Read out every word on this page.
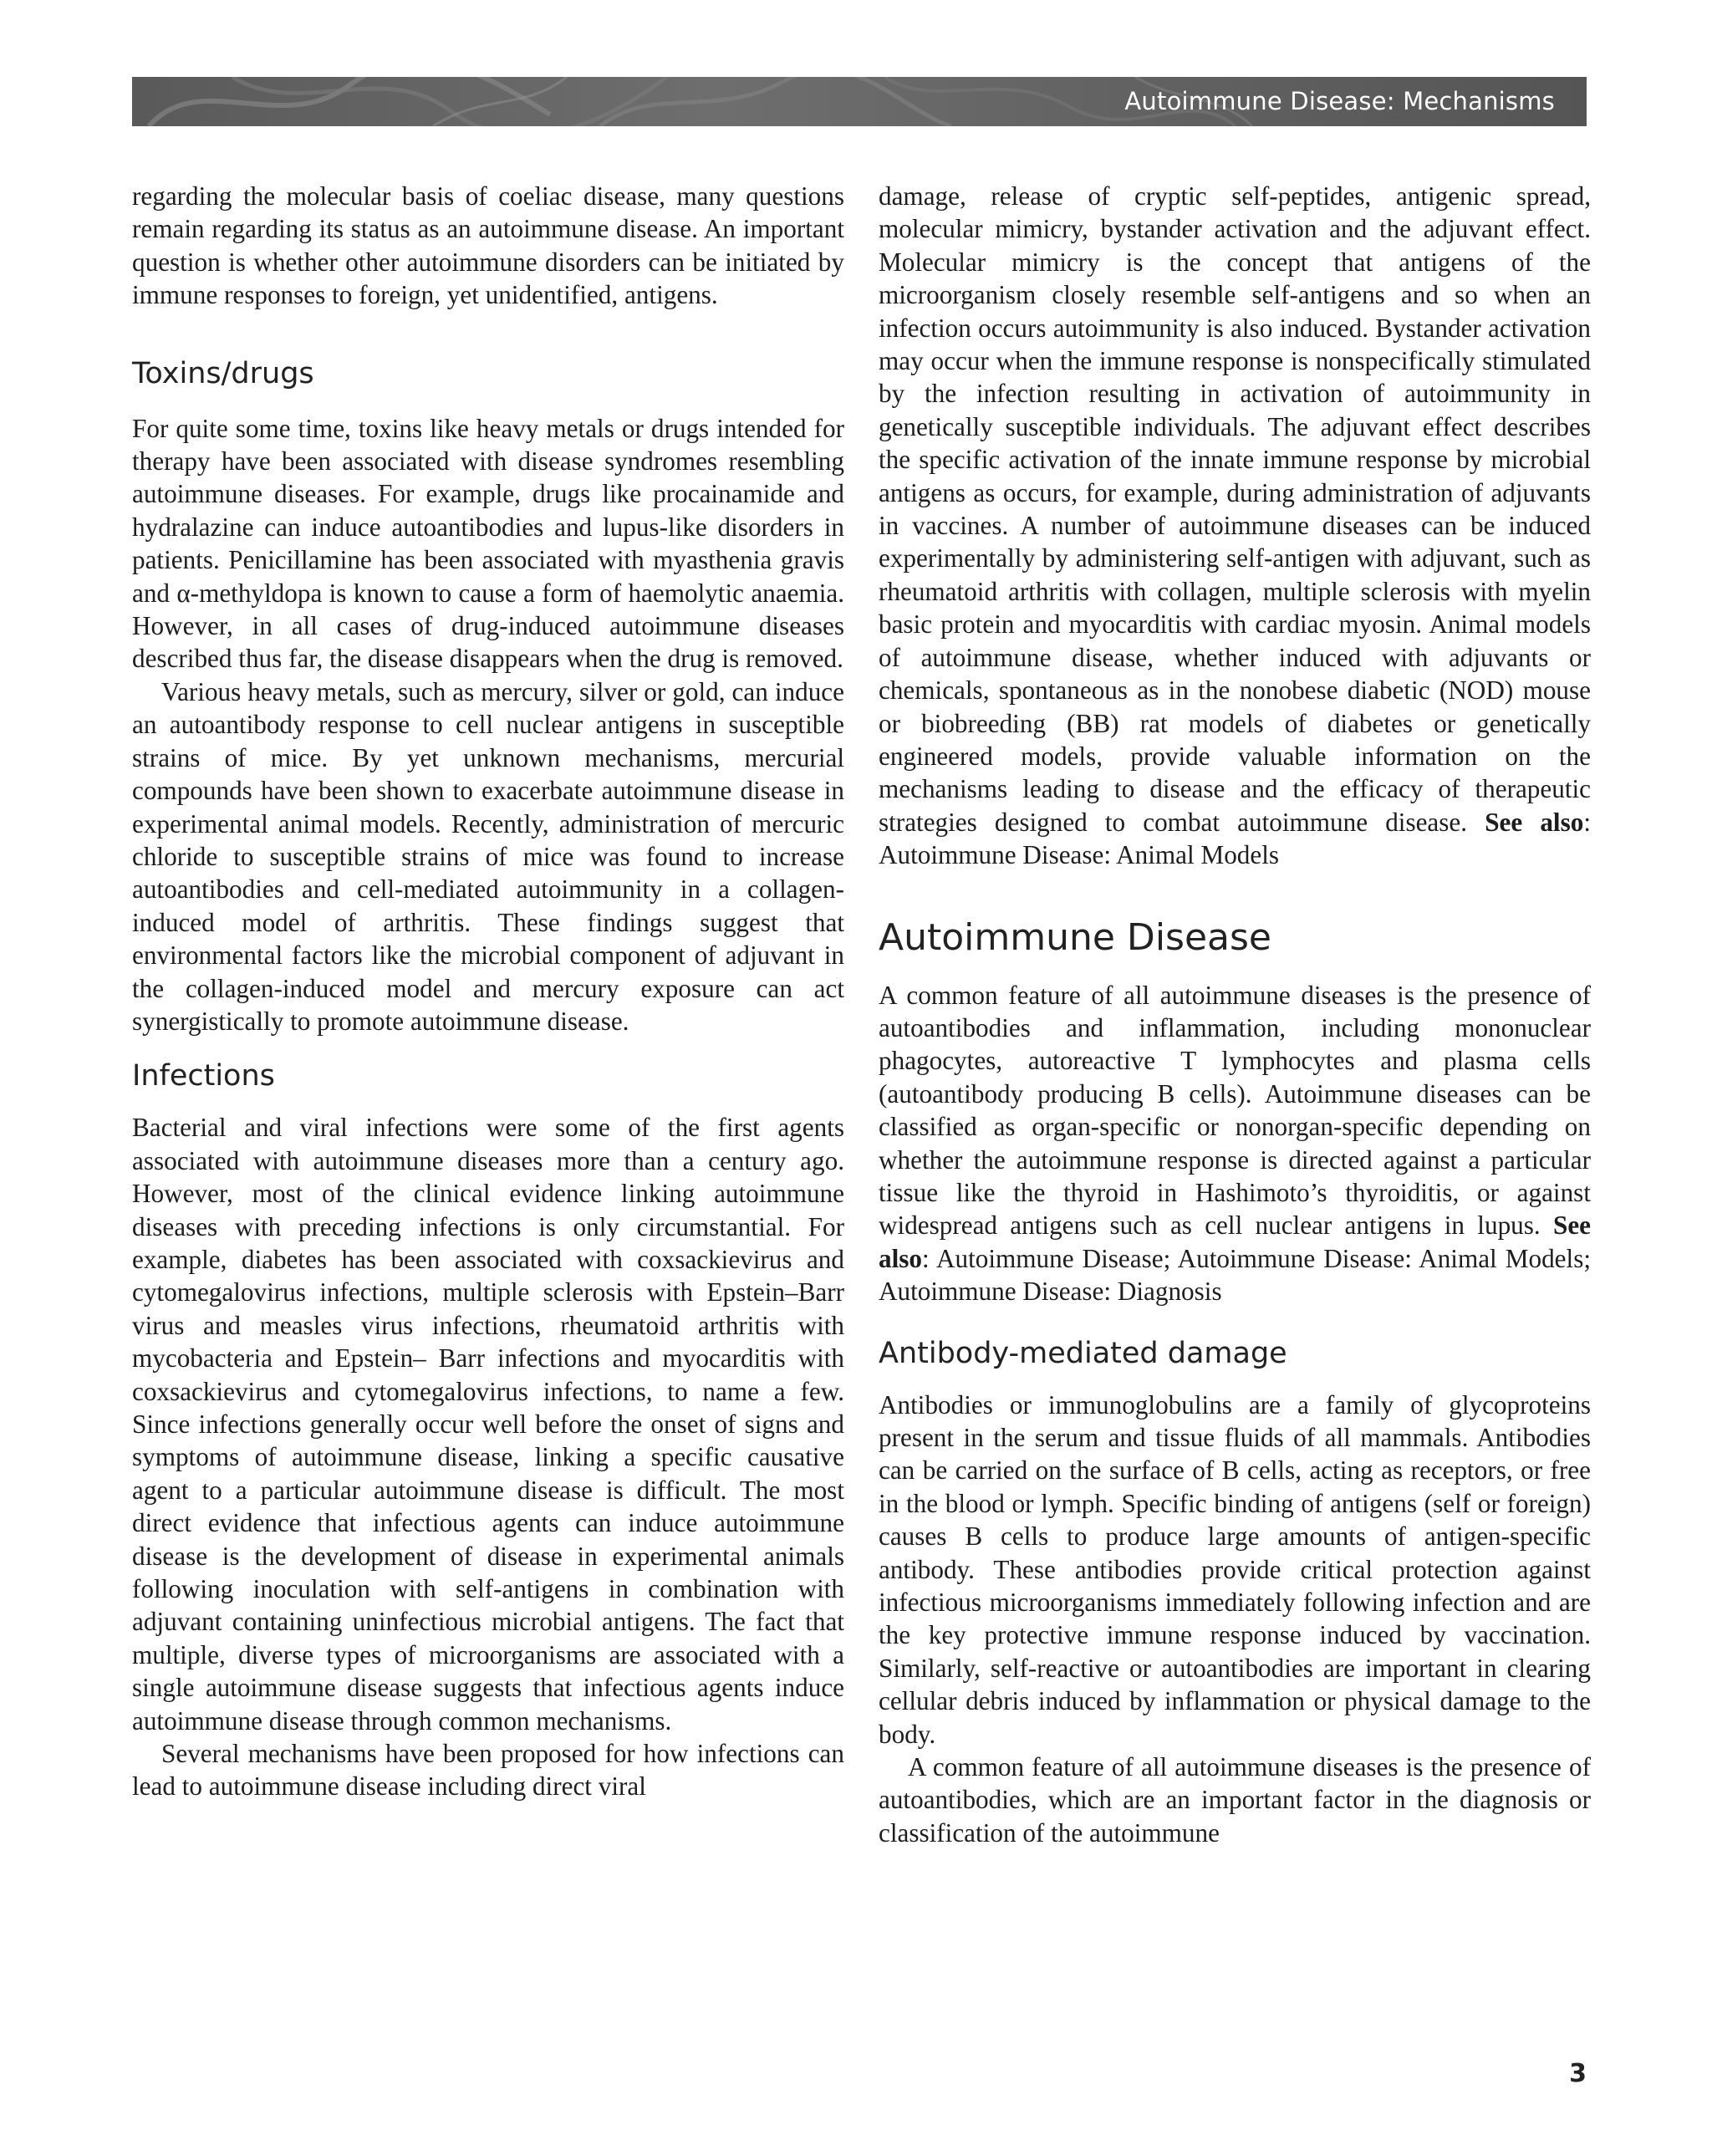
Autoimmune Disease: Mechanisms

regarding the molecular basis of coeliac disease, many questions remain regarding its status as an autoimmune disease. An important question is whether other autoimmune disorders can be initiated by immune responses to foreign, yet unidentified, antigens.

Toxins/drugs

For quite some time, toxins like heavy metals or drugs intended for therapy have been associated with disease syndromes resembling autoimmune diseases. For example, drugs like procainamide and hydralazine can induce autoantibodies and lupus-like disorders in patients. Penicillamine has been associated with myasthenia gravis and α-methyldopa is known to cause a form of haemolytic anaemia. However, in all cases of drug-induced autoimmune diseases described thus far, the disease disappears when the drug is removed.

Various heavy metals, such as mercury, silver or gold, can induce an autoantibody response to cell nuclear antigens in susceptible strains of mice. By yet unknown mechanisms, mercurial compounds have been shown to exacerbate autoimmune disease in experimental animal models. Recently, administration of mercuric chloride to susceptible strains of mice was found to increase autoantibodies and cell-mediated autoimmunity in a collagen-induced model of arthritis. These findings suggest that environmental factors like the microbial component of adjuvant in the collagen-induced model and mercury exposure can act synergistically to promote autoimmune disease.

Infections

Bacterial and viral infections were some of the first agents associated with autoimmune diseases more than a century ago. However, most of the clinical evidence linking autoimmune diseases with preceding infections is only circumstantial. For example, diabetes has been associated with coxsackievirus and cytomegalovirus infections, multiple sclerosis with Epstein–Barr virus and measles virus infections, rheumatoid arthritis with mycobacteria and Epstein– Barr infections and myocarditis with coxsackievirus and cytomegalovirus infections, to name a few. Since infections generally occur well before the onset of signs and symptoms of autoimmune disease, linking a specific causative agent to a particular autoimmune disease is difficult. The most direct evidence that infectious agents can induce autoimmune disease is the development of disease in experimental animals following inoculation with self-antigens in combination with adjuvant containing uninfectious microbial antigens. The fact that multiple, diverse types of microorganisms are associated with a single autoimmune disease suggests that infectious agents induce autoimmune disease through common mechanisms.

Several mechanisms have been proposed for how infections can lead to autoimmune disease including direct viral

damage, release of cryptic self-peptides, antigenic spread, molecular mimicry, bystander activation and the adjuvant effect. Molecular mimicry is the concept that antigens of the microorganism closely resemble self-antigens and so when an infection occurs autoimmunity is also induced. Bystander activation may occur when the immune response is nonspecifically stimulated by the infection resulting in activation of autoimmunity in genetically susceptible individuals. The adjuvant effect describes the specific activation of the innate immune response by microbial antigens as occurs, for example, during administration of adjuvants in vaccines. A number of autoimmune diseases can be induced experimentally by administering self-antigen with adjuvant, such as rheumatoid arthritis with collagen, multiple sclerosis with myelin basic protein and myocarditis with cardiac myosin. Animal models of autoimmune disease, whether induced with adjuvants or chemicals, spontaneous as in the nonobese diabetic (NOD) mouse or biobreeding (BB) rat models of diabetes or genetically engineered models, provide valuable information on the mechanisms leading to disease and the efficacy of therapeutic strategies designed to combat autoimmune disease. See also: Autoimmune Disease: Animal Models

Autoimmune Disease

A common feature of all autoimmune diseases is the presence of autoantibodies and inflammation, including mononuclear phagocytes, autoreactive T lymphocytes and plasma cells (autoantibody producing B cells). Autoimmune diseases can be classified as organ-specific or nonorgan-specific depending on whether the autoimmune response is directed against a particular tissue like the thyroid in Hashimoto’s thyroiditis, or against widespread antigens such as cell nuclear antigens in lupus. See also: Autoimmune Disease; Autoimmune Disease: Animal Models; Autoimmune Disease: Diagnosis

Antibody-mediated damage

Antibodies or immunoglobulins are a family of glycoproteins present in the serum and tissue fluids of all mammals. Antibodies can be carried on the surface of B cells, acting as receptors, or free in the blood or lymph. Specific binding of antigens (self or foreign) causes B cells to produce large amounts of antigen-specific antibody. These antibodies provide critical protection against infectious microorganisms immediately following infection and are the key protective immune response induced by vaccination. Similarly, self-reactive or autoantibodies are important in clearing cellular debris induced by inflammation or physical damage to the body.

A common feature of all autoimmune diseases is the presence of autoantibodies, which are an important factor in the diagnosis or classification of the autoimmune

3
